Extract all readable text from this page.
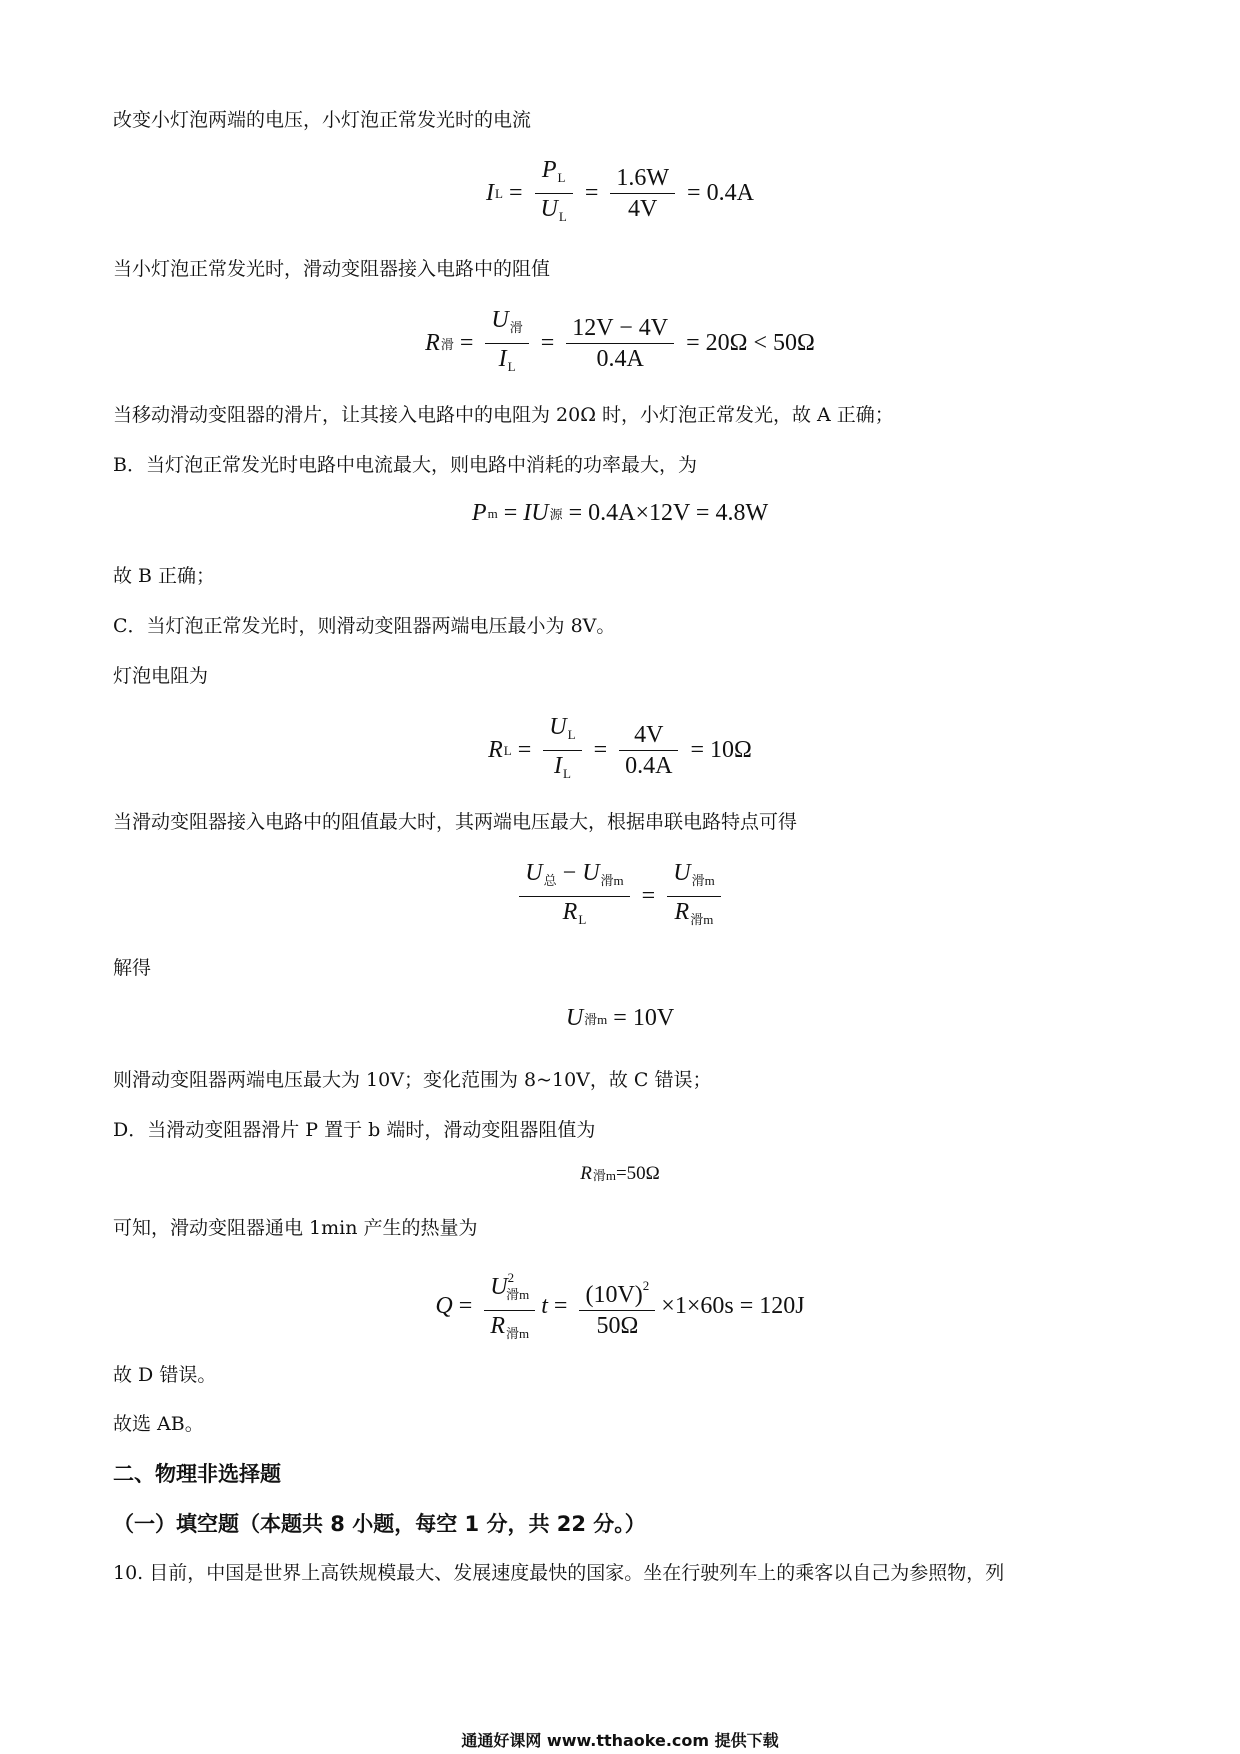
改变小灯泡两端的电压，小灯泡正常发光时的电流
I $L = \frac{P_L}{U_L} = \frac{1.6W}{4V} = 0.4A$
当小灯泡正常发光时，滑动变阻器接入电路中的阻值
R 滑 = $\frac{U_滑}{I_L} = \frac{12V - 4V}{0.4A} = 20\Omega < 50\Omega$
当移动滑动变阻器的滑片，让其接入电路中的电阻为 20Ω 时，小灯泡正常发光，故 A 正确；
B．当灯泡正常发光时电路中电流最大，则电路中消耗的功率最大，为
P m = IU 源 = 0.4A×12V = 4.8W
故 B 正确；
C．当灯泡正常发光时，则滑动变阻器两端电压最小为 8V。
灯泡电阻为
R $L = \frac{U_L}{I_L} = \frac{4V}{0.4A} = 10\Omega$
当滑动变阻器接入电路中的阻值最大时，其两端电压最大，根据串联电路特点可得
$\frac{U_总 - U_{滑m}}{R_L} = \frac{U_{滑m}}{R_{滑m}}$
解得
U 滑m = 10V
则滑动变阻器两端电压最大为 10V；变化范围为 8~10V，故 C 错误；
D．当滑动变阻器滑片 P 置于 b 端时，滑动变阻器阻值为
R 滑m =50Ω
可知，滑动变阻器通电 1min 产生的热量为
$Q = \frac{U^2_{滑m}}{R_{滑m}}$ $t = \frac{(10V)^2}{50\Omega} \times 1\times 60s = 120J$
故 D 错误。
故选 AB。
二、物理非选择题
（一）填空题（本题共 8 小题，每空 1 分，共 22 分。）
10. 目前，中国是世界上高铁规模最大、发展速度最快的国家。坐在行驶列车上的乘客以自己为参照物，列
通通好课网 www.tthaoke.com 提供下载
